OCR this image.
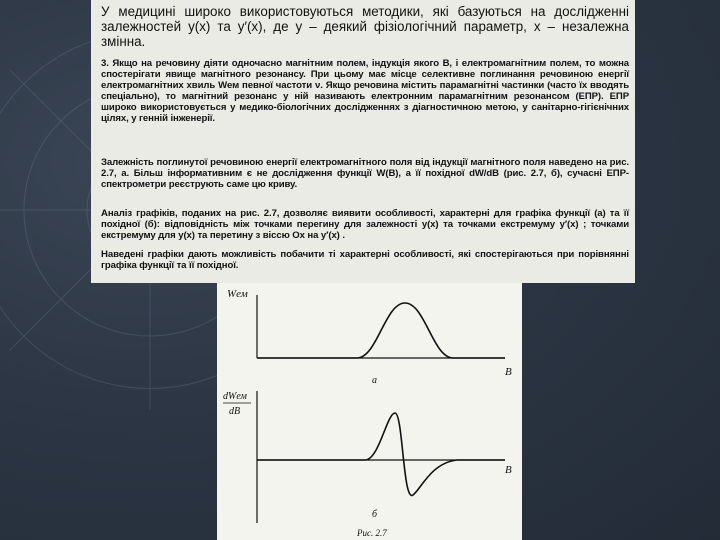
У медицині широко використовуються методики, які базуються на дослідженні залежностей y(x) та y′(x), де y – деякий фізіологічний параметр, x – незалежна змінна.
3. Якщо на речовину діяти одночасно магнітним полем, індукція якого B, і електромагнітним полем, то можна спостерігати явище магнітного резонансу. При цьому має місце селективне поглинання речовиною енергії електромагнітних хвиль Wем певної частоти ν. Якщо речовина містить парамагнітні частинки (часто їх вводять спеціально), то магнітний резонанс у ній називають електронним парамагнітним резонансом (ЕПР). ЕПР широко використовується у медико-біологічних дослідженнях з діагностичною метою, у санітарно-гігієнічних цілях, у генній інженерії.
Залежність поглинутої речовиною енергії електромагнітного поля від індукції магнітного поля наведено на рис. 2.7, а. Більш інформативним є не дослідження функції W(B), а її похідної dW/dB (рис. 2.7, б), сучасні ЕПР-спектрометри реєструють саме цю криву.
Аналіз графіків, поданих на рис. 2.7, дозволяє виявити особливості, характерні для графіка функції (а) та її похідної (б): відповідність між точками перегину для залежності y(x) та точками екстремуму y′(x) ; точками екстремуму для y(x) та перетину з віссю Ox на y′(x) .
Наведені графіки дають можливість побачити ті характерні особливості, які спостерігаються при порівнянні графіка функції та її похідної.
Wем
B
а
dWем
dB
B
б
Рис. 2.7
